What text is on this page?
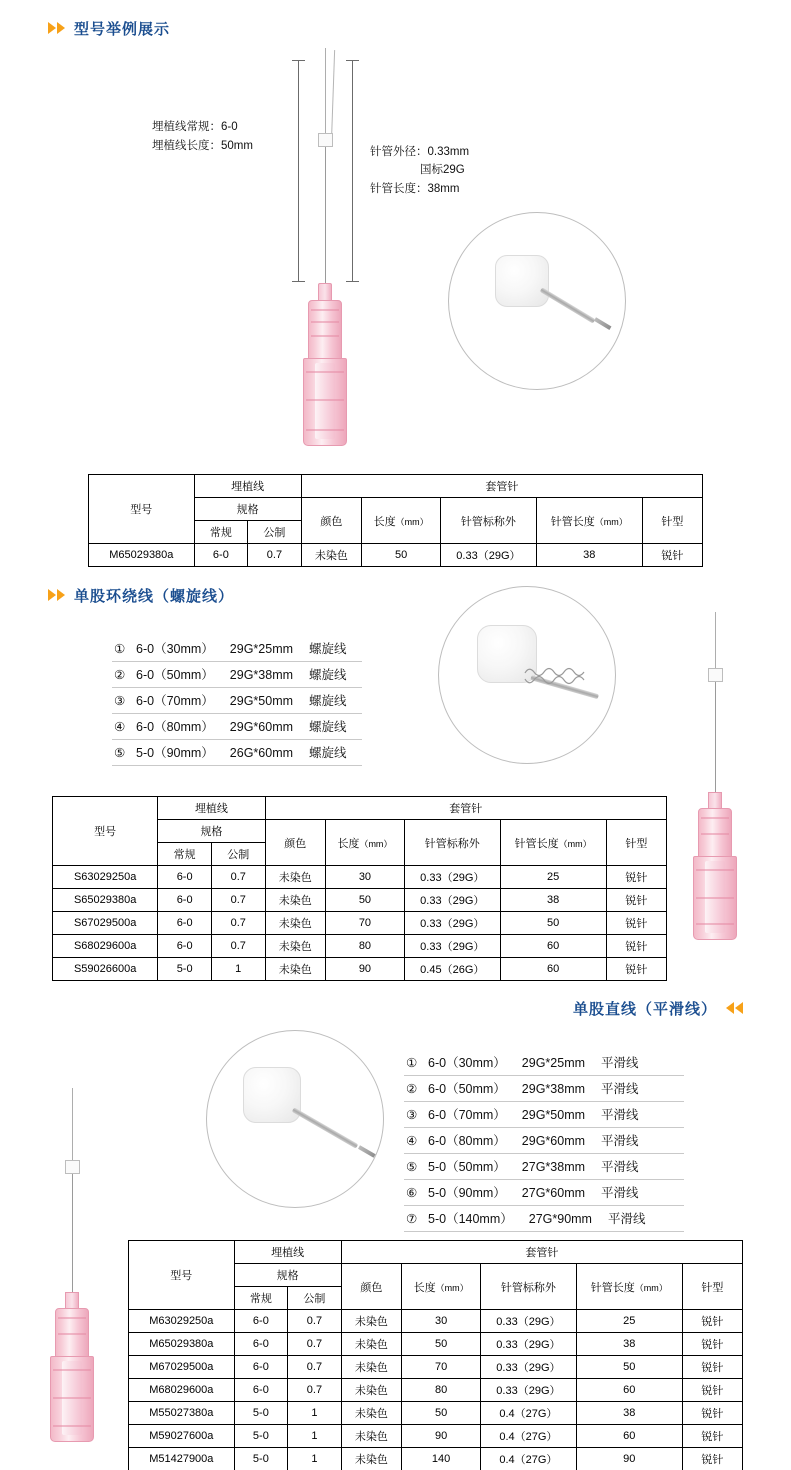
型号举例展示
埋植线常规：6-0
埋植线长度：50mm	针管外径：0.33mm
国标29G
针管长度：38mm
型号	埋植线		套管针				
	规格		颜色	长度（mm）	针管标称外	针管长度（mm）	针型
	常规	公制					
M65029380a	6-0	0.7	未染色	50	0.33（29G）	38	锐针
单股环绕线（螺旋线）
① 6-0（30mm）	29G*25mm	螺旋线
② 6-0（50mm）	29G*38mm	螺旋线
③ 6-0（70mm）	29G*50mm	螺旋线
④ 6-0（80mm）	29G*60mm	螺旋线
⑤ 5-0（90mm）	26G*60mm	螺旋线
型号	埋植线		套管针				
	规格		颜色	长度（mm）	针管标称外	针管长度（mm）	针型
	常规	公制					
S63029250a	6-0	0.7	未染色	30	0.33（29G）	25	锐针
S65029380a	6-0	0.7	未染色	50	0.33（29G）	38	锐针
S67029500a	6-0	0.7	未染色	70	0.33（29G）	50	锐针
S68029600a	6-0	0.7	未染色	80	0.33（29G）	60	锐针
S59026600a	5-0	1	未染色	90	0.45（26G）	60	锐针
单股直线（平滑线）
① 6-0（30mm）	29G*25mm	平滑线
② 6-0（50mm）	29G*38mm	平滑线
③ 6-0（70mm）	29G*50mm	平滑线
④ 6-0（80mm）	29G*60mm	平滑线
⑤ 5-0（50mm）	27G*38mm	平滑线
⑥ 5-0（90mm）	27G*60mm	平滑线
⑦ 5-0（140mm）	27G*90mm	平滑线
型号	埋植线		套管针				
	规格		颜色	长度（mm）	针管标称外	针管长度（mm）	针型
	常规	公制					
M63029250a	6-0	0.7	未染色	30	0.33（29G）	25	锐针
M65029380a	6-0	0.7	未染色	50	0.33（29G）	38	锐针
M67029500a	6-0	0.7	未染色	70	0.33（29G）	50	锐针
M68029600a	6-0	0.7	未染色	80	0.33（29G）	60	锐针
M55027380a	5-0	1	未染色	50	0.4（27G）	38	锐针
M59027600a	5-0	1	未染色	90	0.4（27G）	60	锐针
M51427900a	5-0	1	未染色	140	0.4（27G）	90	锐针
